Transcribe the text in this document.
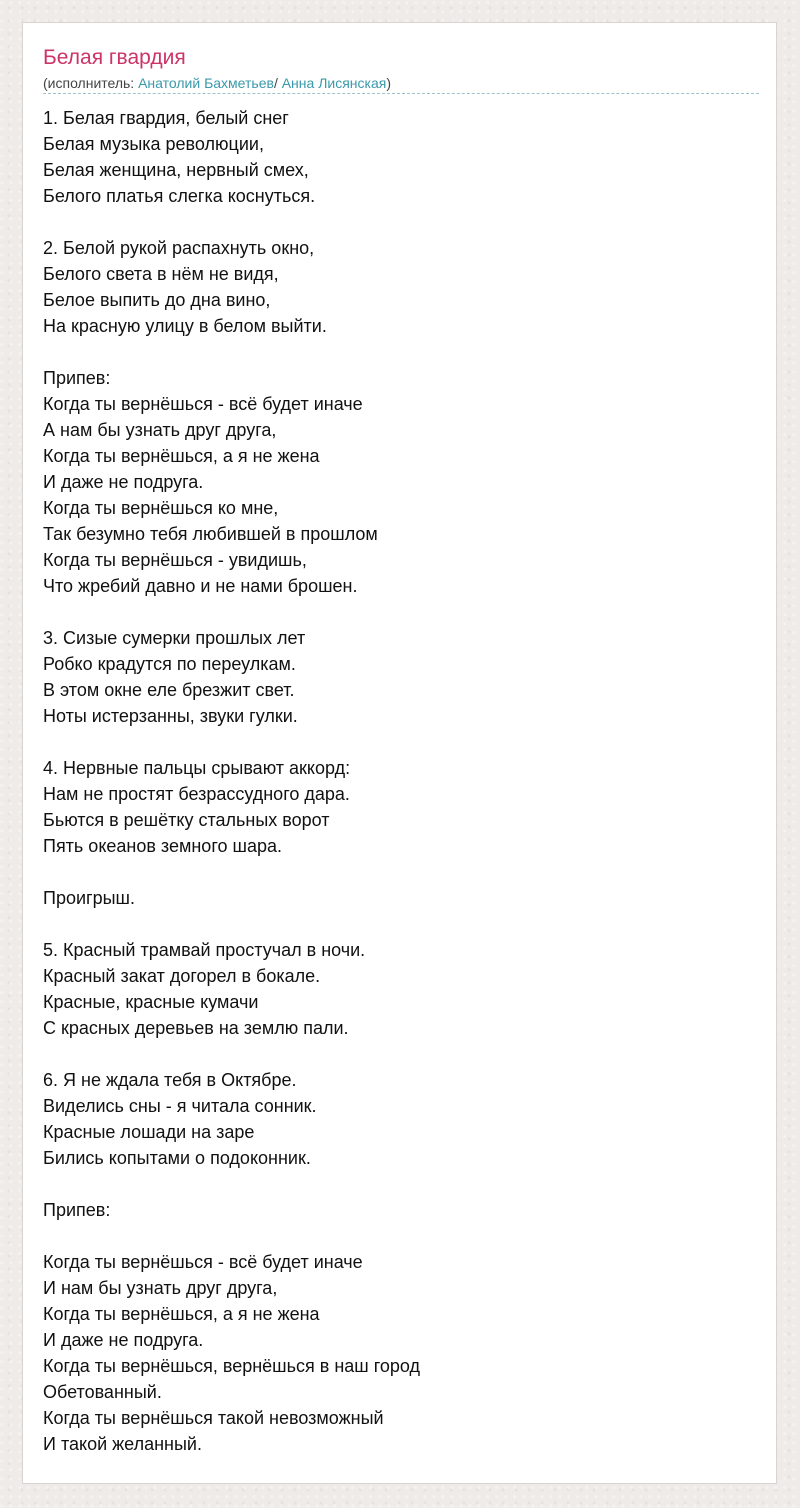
Белая гвардия
(исполнитель: Анатолий Бахметьев/ Анна Лисянская)
1. Белая гвардия, белый снег
Белая музыка революции,
Белая женщина, нервный смех,
Белого платья слегка коснуться.
2. Белой рукой распахнуть окно,
Белого света в нём не видя,
Белое выпить до дна вино,
На красную улицу в белом выйти.
Припев:
Когда ты вернёшься - всё будет иначе
А нам бы узнать друг друга,
Когда ты вернёшься, а я не жена
И даже не подруга.
Когда ты вернёшься ко мне,
Так безумно тебя любившей в прошлом
Когда ты вернёшься - увидишь,
Что жребий давно и не нами брошен.
3. Сизые сумерки прошлых лет
Робко крадутся по переулкам.
В этом окне еле брезжит свет.
Ноты истерзанны, звуки гулки.
4. Нервные пальцы срывают аккорд:
Нам не простят безрассудного дара.
Бьются в решётку стальных ворот
Пять океанов земного шара.
Проигрыш.
5. Красный трамвай простучал в ночи.
Красный закат догорел в бокале.
Красные, красные кумачи
С красных деревьев на землю пали.
6. Я не ждала тебя в Октябре.
Виделись сны - я читала сонник.
Красные лошади на заре
Бились копытами о подоконник.
Припев:
Когда ты вернёшься - всё будет иначе
И нам бы узнать друг друга,
Когда ты вернёшься, а я не жена
И даже не подруга.
Когда ты вернёшься, вернёшься в наш город
Обетованный.
Когда ты вернёшься такой невозможный
И такой желанный.
